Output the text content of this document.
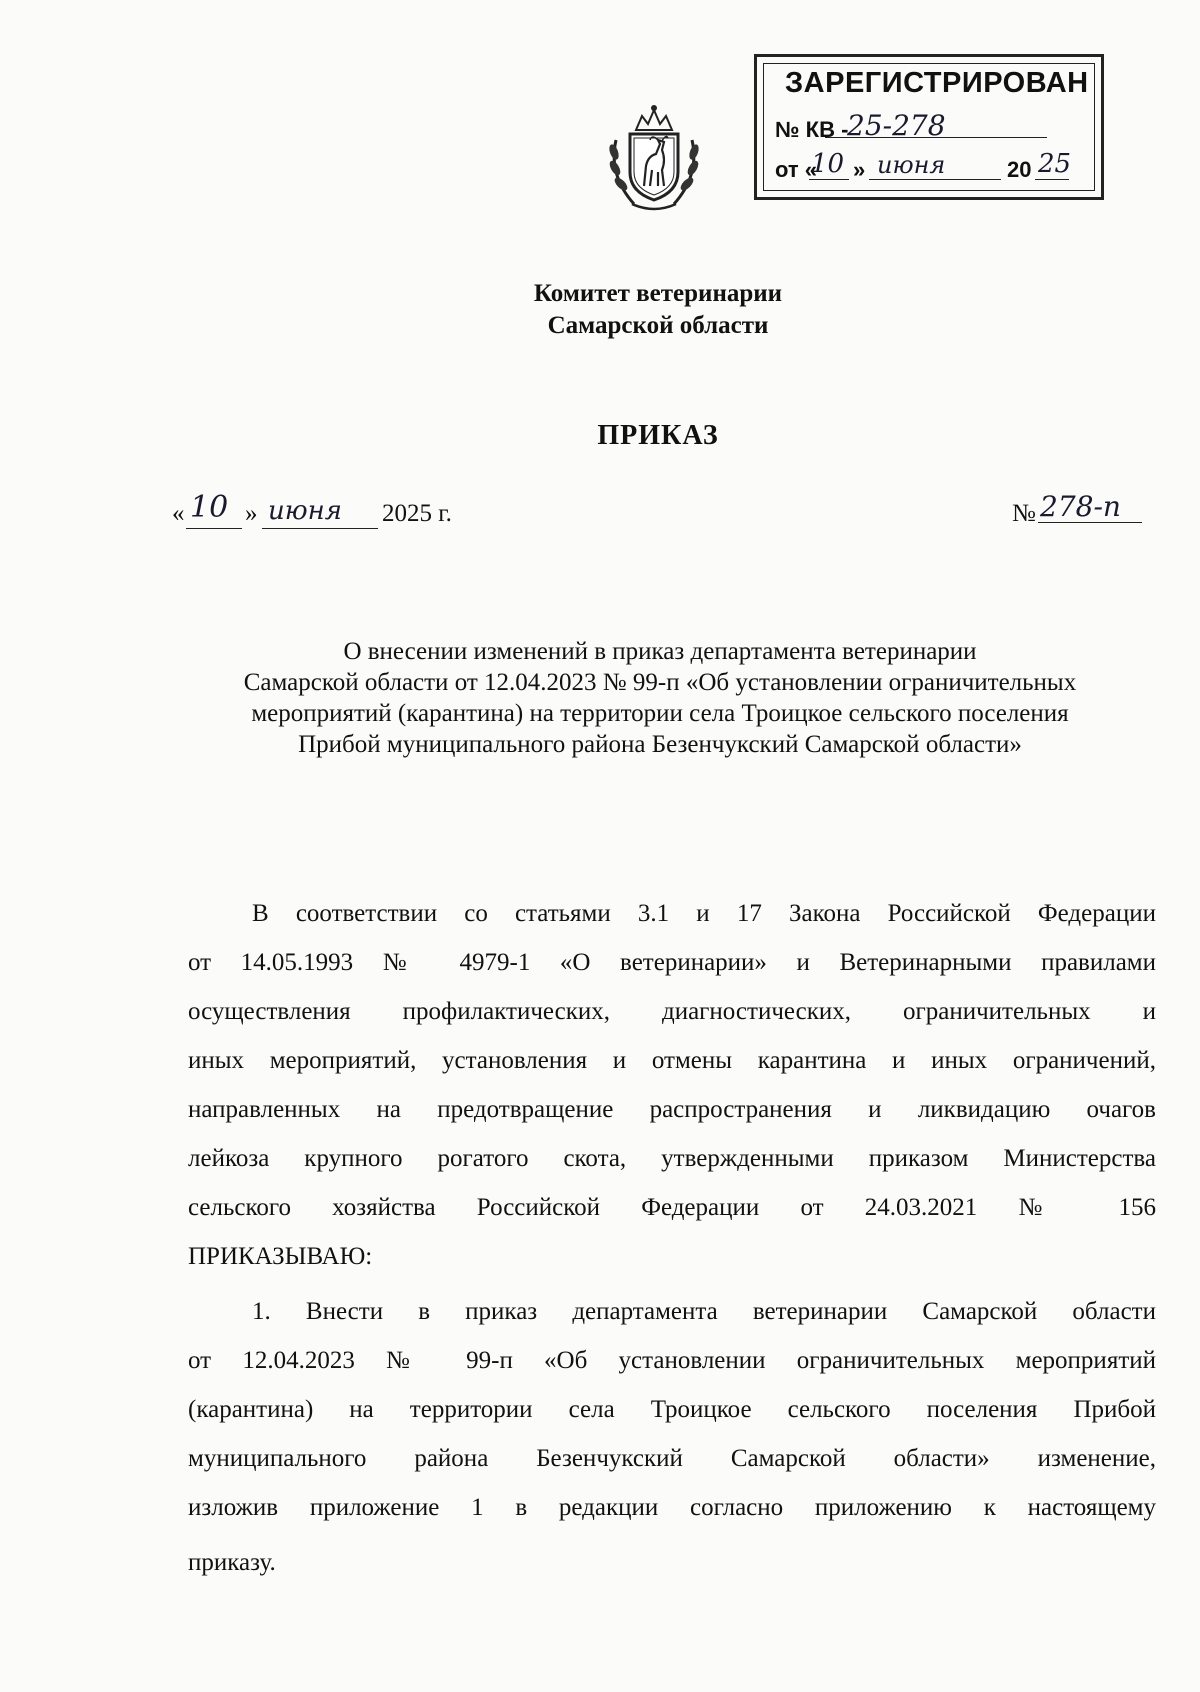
ЗАРЕГИСТРИРОВАН
№ КВ -
25-278
от «
10 » июня	20 25
Комитет ветеринарии
Самарской области
ПРИКАЗ
« 10 » июня 2025 г.	№ 278-п
О внесении изменений в приказ департамента ветеринарии
Самарской области от 12.04.2023 № 99-п «Об установлении ограничительных
мероприятий (карантина) на территории села Троицкое сельского поселения
Прибой муниципального района Безенчукский Самарской области»
В соответствии со статьями 3.1 и 17 Закона Российской Федерации
от 14.05.1993 № 4979-1 «О ветеринарии» и Ветеринарными правилами
осуществления профилактических, диагностических, ограничительных и
иных мероприятий, установления и отмены карантина и иных ограничений,
направленных на предотвращение распространения и ликвидацию очагов
лейкоза крупного рогатого скота, утвержденными приказом Министерства
сельского хозяйства Российской Федерации от 24.03.2021 № 156
ПРИКАЗЫВАЮ:
1. Внести в приказ департамента ветеринарии Самарской области
от 12.04.2023 № 99-п «Об установлении ограничительных мероприятий
(карантина) на территории села Троицкое сельского поселения Прибой
муниципального района Безенчукский Самарской области» изменение,
изложив приложение 1 в редакции согласно приложению к настоящему
приказу.
